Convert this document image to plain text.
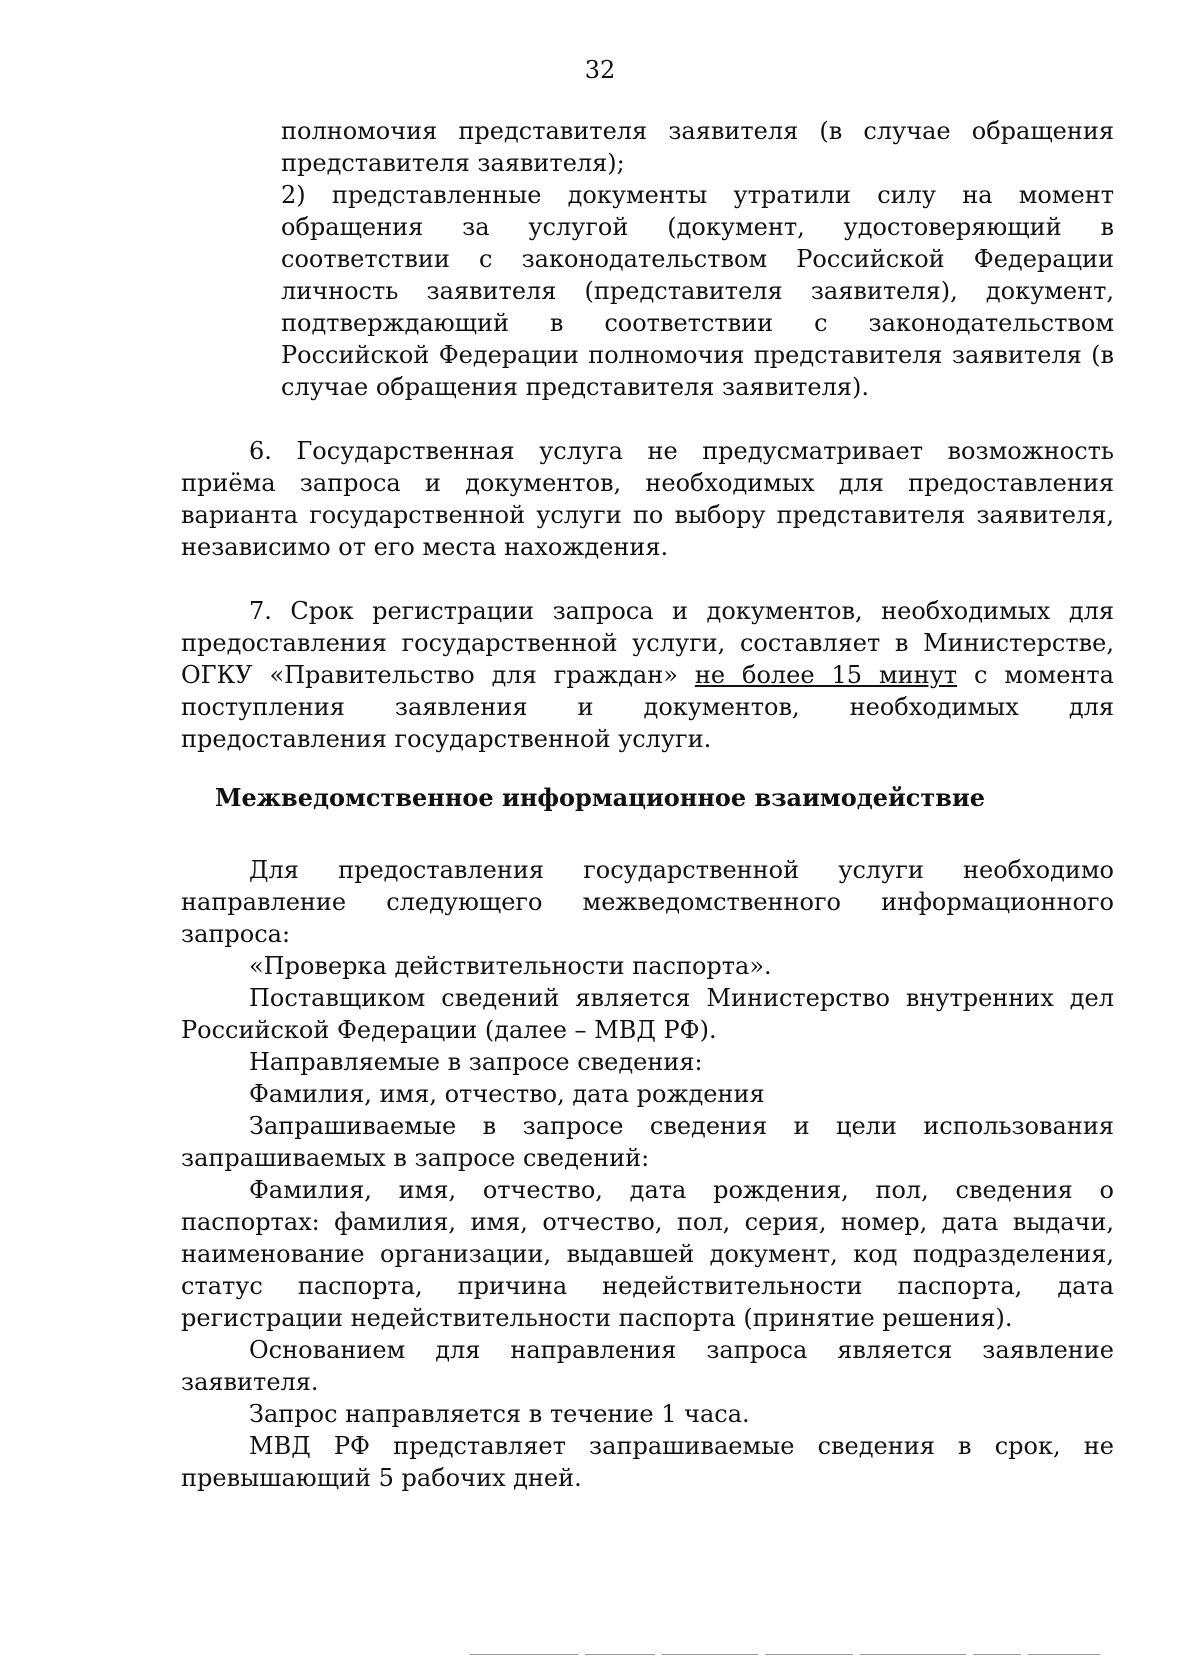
32

полномочия представителя заявителя (в случае обращения представителя заявителя);

2) представленные документы утратили силу на момент обращения за услугой (документ, удостоверяющий в соответствии с законодательством Российской Федерации личность заявителя (представителя заявителя), документ, подтверждающий в соответствии с законодательством Российской Федерации полномочия представителя заявителя (в случае обращения представителя заявителя).

6. Государственная услуга не предусматривает возможность приёма запроса и документов, необходимых для предоставления варианта государственной услуги по выбору представителя заявителя, независимо от его места нахождения.

7. Срок регистрации запроса и документов, необходимых для предоставления государственной услуги, составляет в Министерстве, ОГКУ «Правительство для граждан» не более 15 минут с момента поступления заявления и документов, необходимых для предоставления государственной услуги.

Межведомственное информационное взаимодействие

Для предоставления государственной услуги необходимо направление следующего межведомственного информационного запроса:

«Проверка действительности паспорта».

Поставщиком сведений является Министерство внутренних дел Российской Федерации (далее – МВД РФ).

Направляемые в запросе сведения:

Фамилия, имя, отчество, дата рождения

Запрашиваемые в запросе сведения и цели использования запрашиваемых в запросе сведений:

Фамилия, имя, отчество, дата рождения, пол, сведения о паспортах: фамилия, имя, отчество, пол, серия, номер, дата выдачи, наименование организации, выдавшей документ, код подразделения, статус паспорта, причина недействительности паспорта, дата регистрации недействительности паспорта (принятие решения).

Основанием для направления запроса является заявление заявителя.

Запрос направляется в течение 1 часа.

МВД РФ представляет запрашиваемые сведения в срок, не превышающий 5 рабочих дней.
